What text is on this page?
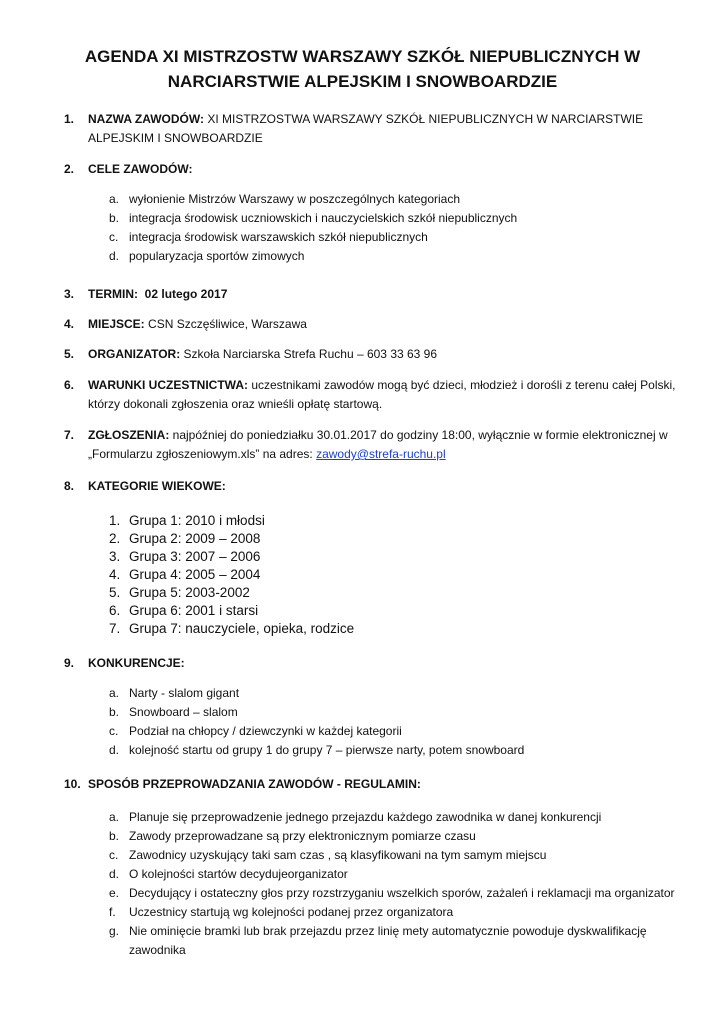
AGENDA XI MISTRZOSTW WARSZAWY SZKÓŁ NIEPUBLICZNYCH W
NARCIARSTWIE ALPEJSKIM I SNOWBOARDZIE
1. NAZWA ZAWODÓW: XI MISTRZOSTWA WARSZAWY SZKÓŁ NIEPUBLICZNYCH W NARCIARSTWIE ALPEJSKIM I SNOWBOARDZIE
2. CELE ZAWODÓW:
a. wyłonienie Mistrzów Warszawy w poszczególnych kategoriach
b. integracja środowisk uczniowskich i nauczycielskich szkół niepublicznych
c. integracja środowisk warszawskich szkół niepublicznych
d. popularyzacja sportów zimowych
3. TERMIN: 02 lutego 2017
4. MIEJSCE: CSN Szczęśliwice, Warszawa
5. ORGANIZATOR: Szkoła Narciarska Strefa Ruchu – 603 33 63 96
6. WARUNKI UCZESTNICTWA: uczestnikami zawodów mogą być dzieci, młodzież i dorośli z terenu całej Polski, którzy dokonali zgłoszenia oraz wnieśli opłatę startową.
7. ZGŁOSZENIA: najpóźniej do poniedziałku 30.01.2017 do godziny 18:00, wyłącznie w formie elektronicznej w „Formularzu zgłoszeniowym.xls” na adres: zawody@strefa-ruchu.pl
8. KATEGORIE WIEKOWE:
1. Grupa 1: 2010 i młodsi
2. Grupa 2: 2009 – 2008
3. Grupa 3: 2007 – 2006
4. Grupa 4: 2005 – 2004
5. Grupa 5: 2003-2002
6. Grupa 6: 2001 i starsi
7. Grupa 7: nauczyciele, opieka, rodzice
9. KONKURENCJE:
a. Narty - slalom gigant
b. Snowboard – slalom
c. Podział na chłopcy / dziewczynki w każdej kategorii
d. kolejność startu od grupy 1 do grupy 7 – pierwsze narty, potem snowboard
10. SPOSÓB PRZEPROWADZANIA ZAWODÓW - REGULAMIN:
a. Planuje się przeprowadzenie jednego przejazdu każdego zawodnika w danej konkurencji
b. Zawody przeprowadzane są przy elektronicznym pomiarze czasu
c. Zawodnicy uzyskujący taki sam czas , są klasyfikowani na tym samym miejscu
d. O kolejności startów decydujeorganizator
e. Decydujący i ostateczny głos przy rozstrzyganiu wszelkich sporów, zażaleń i reklamacji ma organizator
f. Uczestnicy startują wg kolejności podanej przez organizatora
g. Nie ominięcie bramki lub brak przejazdu przez linię mety automatycznie powoduje dyskwalifikację zawodnika
